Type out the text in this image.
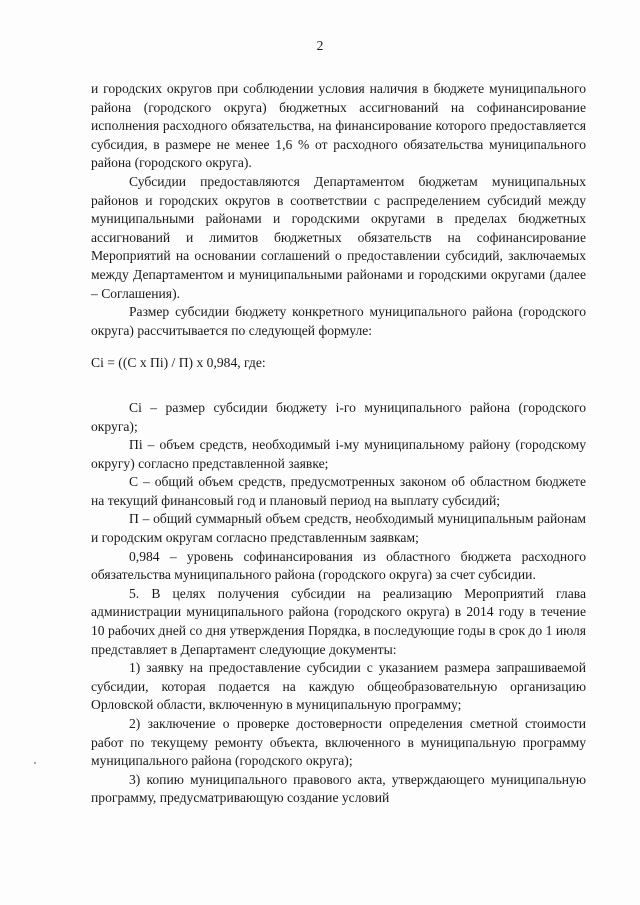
2

и городских округов при соблюдении условия наличия в бюджете муниципального района (городского округа) бюджетных ассигнований на софинансирование исполнения расходного обязательства, на финансирование которого предоставляется субсидия, в размере не менее 1,6 % от расходного обязательства муниципального района (городского округа).

Субсидии предоставляются Департаментом бюджетам муниципальных районов и городских округов в соответствии с распределением субсидий между муниципальными районами и городскими округами в пределах бюджетных ассигнований и лимитов бюджетных обязательств на софинансирование Мероприятий на основании соглашений о предоставлении субсидий, заключаемых между Департаментом и муниципальными районами и городскими округами (далее – Соглашения).

Размер субсидии бюджету конкретного муниципального района (городского округа) рассчитывается по следующей формуле:

Ci = ((C x Пi) / П) x 0,984, где:

Ci – размер субсидии бюджету i-го муниципального района (городского округа);

Пi – объем средств, необходимый i-му муниципальному району (городскому округу) согласно представленной заявке;

С – общий объем средств, предусмотренных законом об областном бюджете на текущий финансовый год и плановый период на выплату субсидий;

П – общий суммарный объем средств, необходимый муниципальным районам и городским округам согласно представленным заявкам;

0,984 – уровень софинансирования из областного бюджета расходного обязательства муниципального района (городского округа) за счет субсидии.

5. В целях получения субсидии на реализацию Мероприятий глава администрации муниципального района (городского округа) в 2014 году в течение 10 рабочих дней со дня утверждения Порядка, в последующие годы в срок до 1 июля представляет в Департамент следующие документы:

1) заявку на предоставление субсидии с указанием размера запрашиваемой субсидии, которая подается на каждую общеобразовательную организацию Орловской области, включенную в муниципальную программу;

2) заключение о проверке достоверности определения сметной стоимости работ по текущему ремонту объекта, включенного в муниципальную программу муниципального района (городского округа);

3) копию муниципального правового акта, утверждающего муниципальную программу, предусматривающую создание условий
